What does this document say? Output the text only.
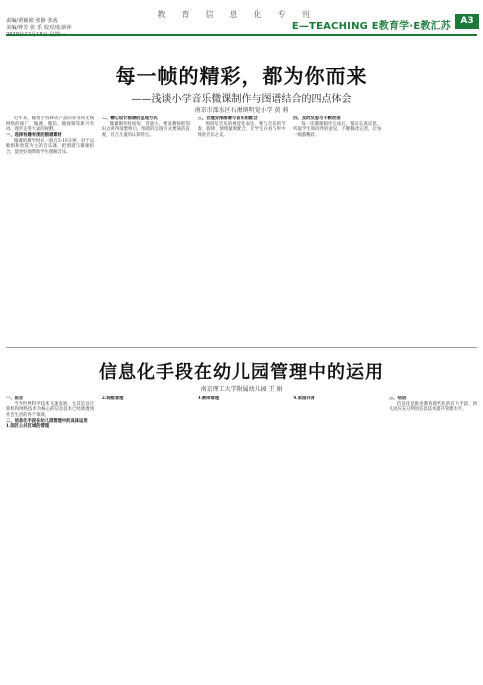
教育信息化专刊
责编/黄颖娟 张静 张茜
美编/钟芳 张 乐 校对/张新萍	E—TEACHING E教育学·E教汇苏	A3
每一帧的精彩，都为你而来
——浅谈小学音乐微课制作与图谱结合的四点体会
南京市溧水区石湫镇明觉小学 黄 莉

近年来，随着手持移动产品的普及和无线网络的推广，微课、微信、微视频等新兴名词，逐步走进大家的视野。

一、选择有趣有度的图谱素材

微课的教学时长一般在5-10分钟，对于以歌唱和欣赏为主的音乐课，把图谱与微课结合，能更好地帮助学生理解音乐。

二、精心设计图谱的呈现方式

微课制作时间短、容量小，要求教师把知识点讲得清楚明白，图谱的呈现方式要简洁直观，符合儿童的认知特点。

三、合理安排图谱与音乐的配合

图谱是音乐的视觉化表达，要与音乐的节奏、旋律、情绪紧密配合，让学生在看与听中体验音乐之美。

四、及时反思与不断改进

每一次微课制作完成后，都应认真反思，听取学生和同伴的意见，不断修改完善，让每一帧都精彩。

信息化手段在幼儿园管理中的运用
南京理工大学附属幼儿园 王 娟

一、前言

当今世界科学技术飞速发展，尤其是以计算机和网络技术为核心的信息技术已经渗透到社会生活的各个领域。

二、信息化手段在幼儿园管理中的具体运用

1.园区公共区域的管理

2.班级管理	3.教师管理	4.家园共育	三、结语

信息化是推进教育现代化的有力手段，幼儿园应充分利用信息技术提升管理水平。
